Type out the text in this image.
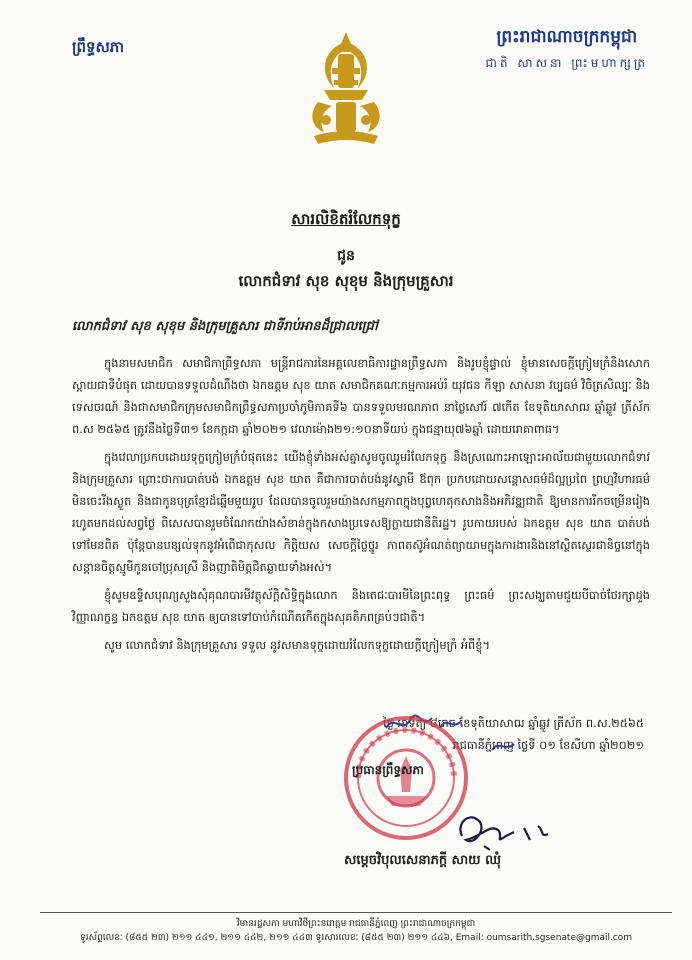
ព្រឹទ្ធសភា	ព្រះរាជាណាចក្រកម្ពុជា
ជាតិ សាសនា ព្រះមហាក្សត្រ
សារលិខិតរំលែកទុក្ខ
ជូន
លោកជំទាវ សុខ សុខុម និងក្រុមគ្រួសារ
លោកជំទាវ សុខ សុខុម និងក្រុមគ្រួសារ ជាទីរាប់អានដ៏ជ្រាលជ្រៅ

ក្នុងនាមសមាជិក សមាជិកាព្រឹទ្ធសភា មន្ត្រីរាជការនៃអគ្គលេខាធិការដ្ឋានព្រឹទ្ធសភា និងរូបខ្ញុំផ្ទាល់ ខ្ញុំមានសេចក្តីក្រៀមក្រំនិងសោកស្តាយជាទីបំផុត ដោយបានទទួលដំណឹងថា ឯកឧត្តម សុខ យាត សមាជិកគណៈកម្មការអប់រំ យុវជន កីឡា សាសនា វប្បធម៌ វិចិត្រសិល្បៈ និងទេសចរណ៍ និងជាសមាជិកក្រុមសមាជិកព្រឹទ្ធសភាប្រចាំភូមិភាគទី៦ បានទទួលមរណភាព នាថ្ងៃសៅរ៍ ៧កើត ខែទុតិយាសាឍ ឆ្នាំឆ្លូវ ត្រីស័ក ព.ស ២៥៦៥ ត្រូវនឹងថ្ងៃទី៣១ ខែកក្កដា ឆ្នាំ២០២១ វេលាម៉ោង២១:១០នាទីយប់ ក្នុងជន្មាយុ៧៦ឆ្នាំ ដោយរោគាពាធ។

ក្នុងវេលាប្រកបដោយទុក្ខក្រៀមក្រំបំផុតនេះ យើងខ្ញុំទាំងអស់គ្នាសូមចូលរួមរំលែកទុក្ខ និងស្រណោះអាឡោះអាល័យជាមួយលោកជំទាវនិងក្រុមគ្រួសារ ព្រោះថាការបាត់បង់ ឯកឧត្តម សុខ យាត គឺជាការបាត់បង់នូវស្វាមី ឪពុក ប្រកបដោយសន្តោសធម៌ដ៏ល្អប្រពៃ ព្រហ្មវិហារធម៌មិនចេះរីងស្ងួត និងជាកូនបុត្រខ្មែរដ៏ឆ្នើមមួយរូប ដែលបានចូលរួមយ៉ាងសកម្មភាពក្នុងបុព្វហេតុកសាងនិងអភិវឌ្ឍជាតិ ឱ្យមានការរីកចម្រើនរៀងរហូតមកដល់សព្វថ្ងៃ ពិសេសបានរួមចំណែកយ៉ាងសំខាន់ក្នុងកសាងប្រទេសឱ្យក្លាយជានីតិរដ្ឋ។ រូបកាយរបស់ ឯកឧត្តម សុខ យាត បាត់បង់ទៅមែនពិត ប៉ុន្តែបានបន្សល់ទុកនូវអំពើជាកុសល កិត្តិយស សេចក្តីថ្លៃថ្នូរ ភាពតស៊ូអំណត់ព្យាយាមក្នុងការងារនិងនៅស្ថិតស្ថេរជានិច្ចនៅក្នុងសន្តានចិត្តស្មូមីកូនចៅប្រុសស្រី និងញាតិមិត្តជិតឆ្ងាយទាំងអស់។

ខ្ញុំសូមឧទ្ទិសបុណ្យសួងសុំគុណបារមីវត្ថុស័ក្តិសិទ្ធិក្នុងលោក និងតេជៈបារមីនៃព្រះពុទ្ធ ព្រះធម៌ ព្រះសង្ឃតាមជួយបីបាច់ថែរក្សាដួងវិញ្ញាណក្ខន្ធ ឯកឧត្តម សុខ យាត ឲ្យបានទៅចាប់កំណើតកើតក្នុងសុគតិភពគ្រប់ៗជាតិ។

សូម លោកជំទាវ និងក្រុមគ្រួសារ ទទួល នូវសមានទុក្ខដោយរំលែកទុក្ខដោយក្តីក្រៀមក្រំ អំពីខ្ញុំ។

ថ្ងៃ អាទិត្យ ៨រោច ខែទុតិយាសាឍ ឆ្នាំឆ្លូវ ត្រីស័ក ព.ស.២៥៦៥
រាជធានីភ្នំពេញ ថ្ងៃទី ០១ ខែសីហា ឆ្នាំ២០២១
ប្រធានព្រឹទ្ធសភា
សម្តេចវិបុលសេនាភក្តី សាយ ឈុំ
វិមានរដ្ឋសភា មហាវិថីព្រះនរោត្តម រាជធានីភ្នំពេញ ព្រះរាជាណាចក្រកម្ពុជា
ទូរស័ព្ទលេខៈ (៨៥៥ ២៣) ២១១ ៤៤១, ២១១ ៤៤២, ២១១ ៤៤៣ ទូរសារលេខៈ (៨៥៥ ២៣) ២១១ ៤៤៦, Email: oumsarith.sgsenate@gmail.com
